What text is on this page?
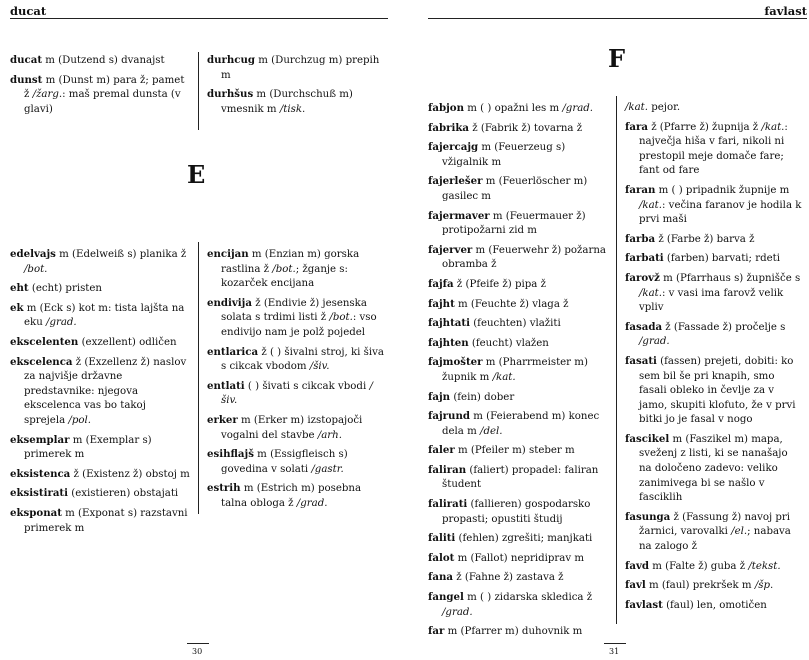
ducat

ducat m (Dutzend s) dvanajst

dunst m (Dunst m) para ž; pamet ž /žarg.: maš premal dunsta (v glavi)

durhcug m (Durchzug m) prepih m

durhšus m (Durchschuß m) vmesnik m /tisk.

E

edelvajs m (Edelweiß s) planika ž /bot.

eht (echt) pristen

ek m (Eck s) kot m: tista lajšta na eku /grad.

ekscelenten (exzellent) odličen

ekscelenca ž (Exzellenz ž) naslov za najvišje državne predstavnike: njegova ekscelenca vas bo takoj sprejela /pol.

eksemplar m (Exemplar s) primerek m

eksistenca ž (Existenz ž) obstoj m

eksistirati (existieren) obstajati

eksponat m (Exponat s) razstavni primerek m

encijan m (Enzian m) gorska rastlina ž /bot.; žganje s: kozarček encijana

endivija ž (Endivie ž) jesenska solata s trdimi listi ž /bot.: vso endivijo nam je polž pojedel

entlarica ž ( ) šivalni stroj, ki šiva s cikcak vbodom /šiv.

entlati ( ) šivati s cikcak vbodi /šiv.

erker m (Erker m) izstopajoči vogalni del stavbe /arh.

esihflajš m (Essigfleisch s) govedina v solati /gastr.

estrih m (Estrich m) posebna talna obloga ž /grad.

30
favlast
F

fabjon m ( ) opažni les m /grad.

fabrika ž (Fabrik ž) tovarna ž

fajercajg m (Feuerzeug s) vžigalnik m

fajerlešer m (Feuerlöscher m) gasilec m

fajermaver m (Feuermauer ž) protipožarni zid m

fajerver m (Feuerwehr ž) požarna obramba ž

fajfa ž (Pfeife ž) pipa ž

fajht m (Feuchte ž) vlaga ž

fajhtati (feuchten) vlažiti

fajhten (feucht) vlažen

fajmošter m (Pharrmeister m) župnik m /kat.

fajn (fein) dober

fajrund m (Feierabend m) konec dela m /del.

faler m (Pfeiler m) steber m

faliran (faliert) propadel: faliran študent

falirati (fallieren) gospodarsko propasti; opustiti študij

faliti (fehlen) zgrešiti; manjkati

falot m (Fallot) nepridiprav m

fana ž (Fahne ž) zastava ž

fangel m ( ) zidarska skledica ž /grad.

far m (Pfarrer m) duhovnik m

/kat. pejor.

fara ž (Pfarre ž) župnija ž /kat.: največja hiša v fari, nikoli ni prestopil meje domače fare; fant od fare

faran m ( ) pripadnik župnije m /kat.: večina faranov je hodila k prvi maši

farba ž (Farbe ž) barva ž

farbati (farben) barvati; rdeti

farovž m (Pfarrhaus s) župnišče s /kat.: v vasi ima farovž velik vpliv

fasada ž (Fassade ž) pročelje s /grad.

fasati (fassen) prejeti, dobiti: ko sem bil še pri knapih, smo fasali obleko in čevlje za v jamo, skupiti klofuto, že v prvi bitki jo je fasal v nogo

fascikel m (Faszikel m) mapa, sveženj z listi, ki se nanašajo na določeno zadevo: veliko zanimivega bi se našlo v fasciklih

fasunga ž (Fassung ž) navoj pri žarnici, varovalki /el.; nabava na zalogo ž

favd m (Falte ž) guba ž /tekst.

favl m (faul) prekršek m /šp.

favlast (faul) len, omotičen

31
